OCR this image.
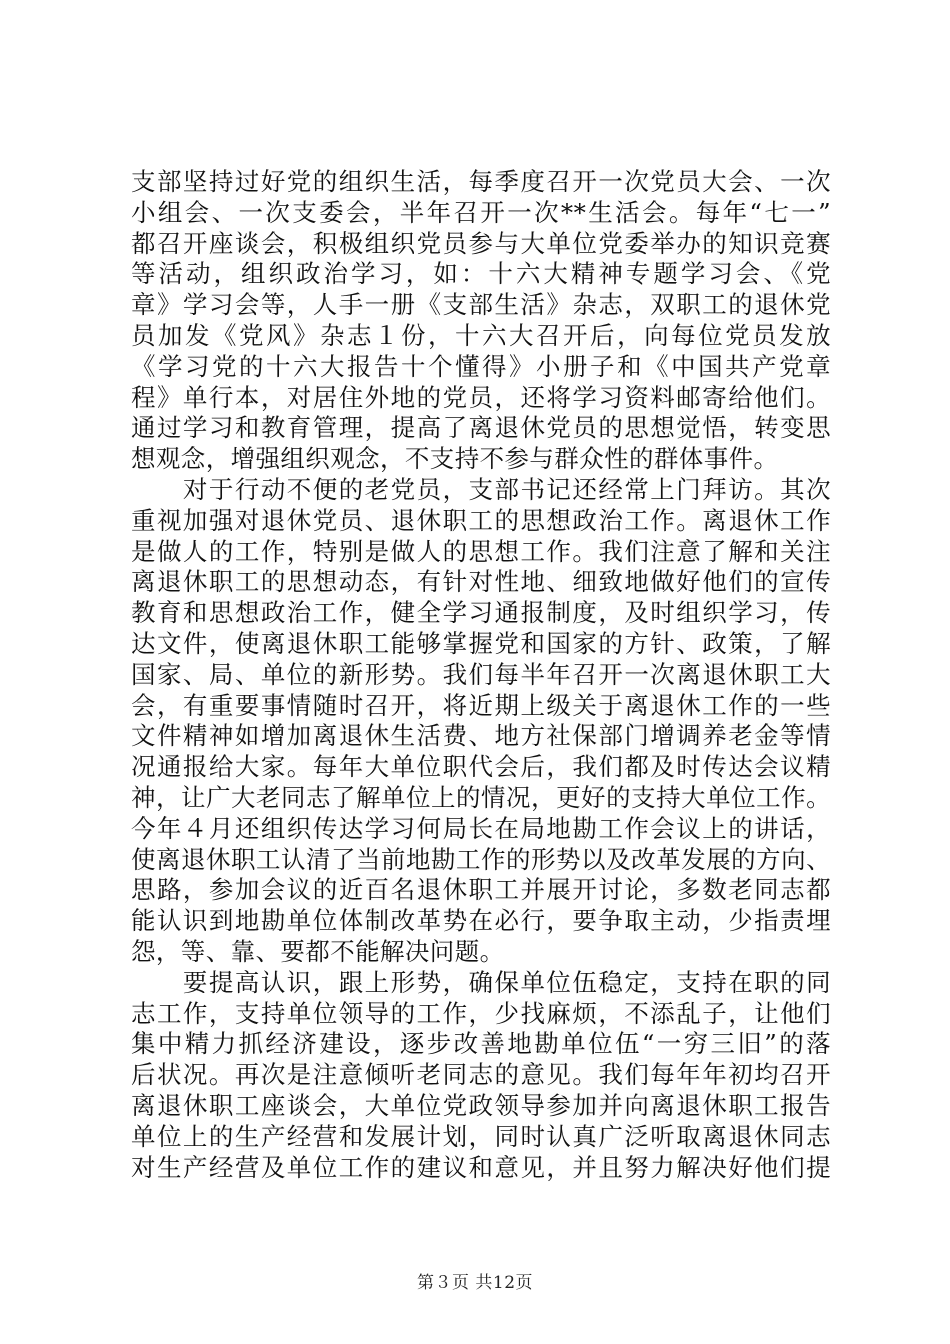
支部坚持过好党的组织生活，每季度召开一次党员大会、一次
小组会、一次支委会，半年召开一次**生活会。每年“七一”
都召开座谈会，积极组织党员参与大单位党委举办的知识竞赛
等活动，组织政治学习，如：十六大精神专题学习会、《党
章》学习会等，人手一册《支部生活》杂志，双职工的退休党
员加发《党风》杂志１份，十六大召开后，向每位党员发放
《学习党的十六大报告十个懂得》小册子和《中国共产党章
程》单行本，对居住外地的党员，还将学习资料邮寄给他们。
通过学习和教育管理，提高了离退休党员的思想觉悟，转变思
想观念，增强组织观念，不支持不参与群众性的群体事件。
　　对于行动不便的老党员，支部书记还经常上门拜访。其次
重视加强对退休党员、退休职工的思想政治工作。离退休工作
是做人的工作，特别是做人的思想工作。我们注意了解和关注
离退休职工的思想动态，有针对性地、细致地做好他们的宣传
教育和思想政治工作，健全学习通报制度，及时组织学习，传
达文件，使离退休职工能够掌握党和国家的方针、政策，了解
国家、局、单位的新形势。我们每半年召开一次离退休职工大
会，有重要事情随时召开，将近期上级关于离退休工作的一些
文件精神如增加离退休生活费、地方社保部门增调养老金等情
况通报给大家。每年大单位职代会后，我们都及时传达会议精
神，让广大老同志了解单位上的情况，更好的支持大单位工作。
今年４月还组织传达学习何局长在局地勘工作会议上的讲话，
使离退休职工认清了当前地勘工作的形势以及改革发展的方向、
思路，参加会议的近百名退休职工并展开讨论，多数老同志都
能认识到地勘单位体制改革势在必行，要争取主动，少指责埋
怨，等、靠、要都不能解决问题。
　　要提高认识，跟上形势，确保单位伍稳定，支持在职的同
志工作，支持单位领导的工作，少找麻烦，不添乱子，让他们
集中精力抓经济建设，逐步改善地勘单位伍“一穷三旧”的落
后状况。再次是注意倾听老同志的意见。我们每年年初均召开
离退休职工座谈会，大单位党政领导参加并向离退休职工报告
单位上的生产经营和发展计划，同时认真广泛听取离退休同志
对生产经营及单位工作的建议和意见，并且努力解决好他们提
第３页 共12页
